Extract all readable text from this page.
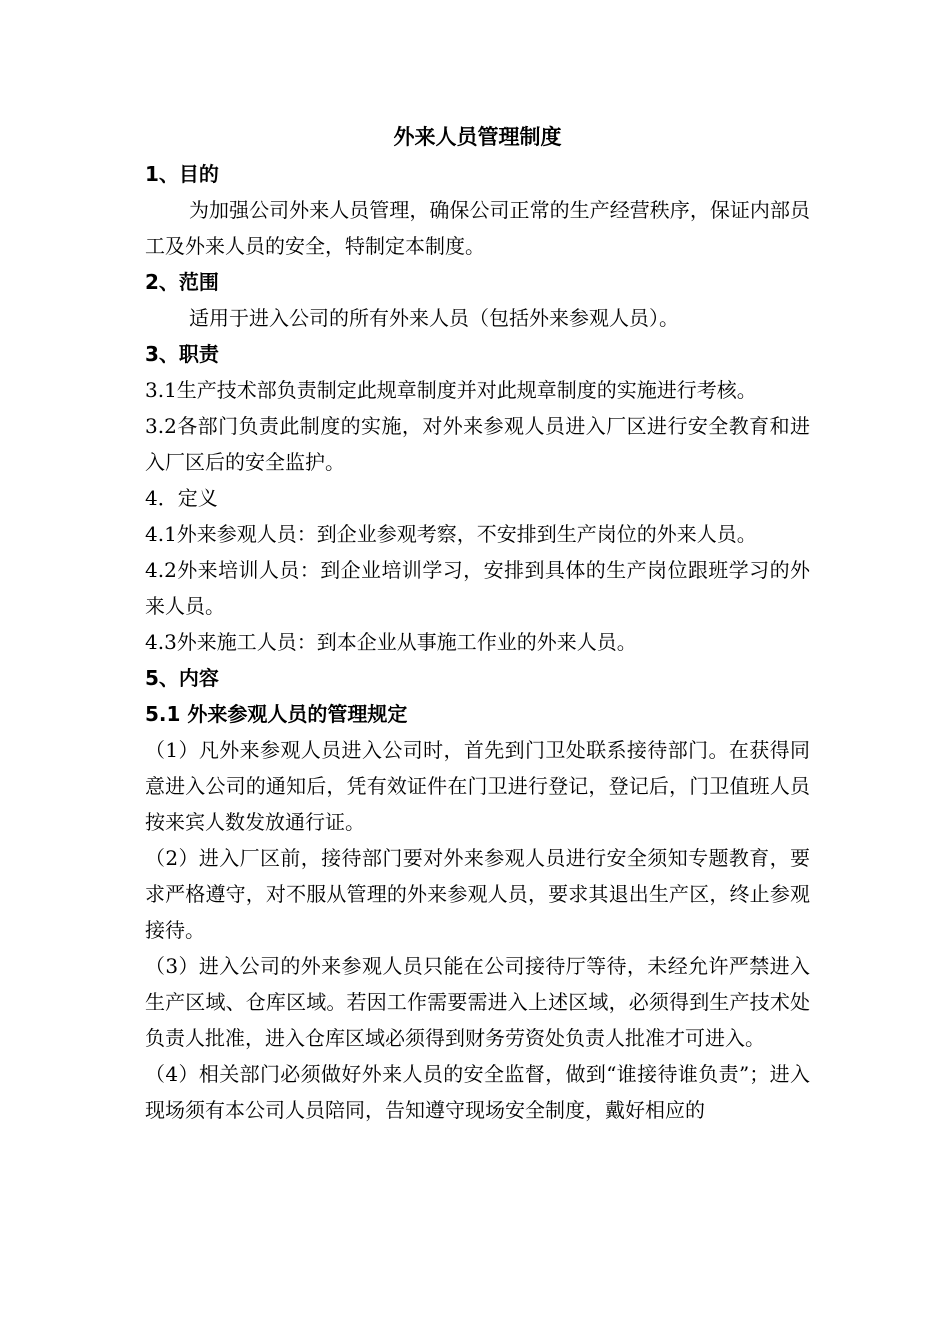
外来人员管理制度
1、目的

为加强公司外来人员管理，确保公司正常的生产经营秩序，保证内部员工及外来人员的安全，特制定本制度。

2、范围

适用于进入公司的所有外来人员（包括外来参观人员）。

3、职责

3.1生产技术部负责制定此规章制度并对此规章制度的实施进行考核。

3.2各部门负责此制度的实施，对外来参观人员进入厂区进行安全教育和进入厂区后的安全监护。

4．定义

4.1外来参观人员：到企业参观考察，不安排到生产岗位的外来人员。

4.2外来培训人员：到企业培训学习，安排到具体的生产岗位跟班学习的外来人员。

4.3外来施工人员：到本企业从事施工作业的外来人员。

5、内容
5.1 外来参观人员的管理规定

（1）凡外来参观人员进入公司时，首先到门卫处联系接待部门。在获得同意进入公司的通知后，凭有效证件在门卫进行登记，登记后，门卫值班人员按来宾人数发放通行证。

（2）进入厂区前，接待部门要对外来参观人员进行安全须知专题教育，要求严格遵守，对不服从管理的外来参观人员，要求其退出生产区，终止参观接待。

（3）进入公司的外来参观人员只能在公司接待厅等待，未经允许严禁进入生产区域、仓库区域。若因工作需要需进入上述区域，必须得到生产技术处负责人批准，进入仓库区域必须得到财务劳资处负责人批准才可进入。

（4）相关部门必须做好外来人员的安全监督，做到“谁接待谁负责”；进入现场须有本公司人员陪同，告知遵守现场安全制度，戴好相应的
